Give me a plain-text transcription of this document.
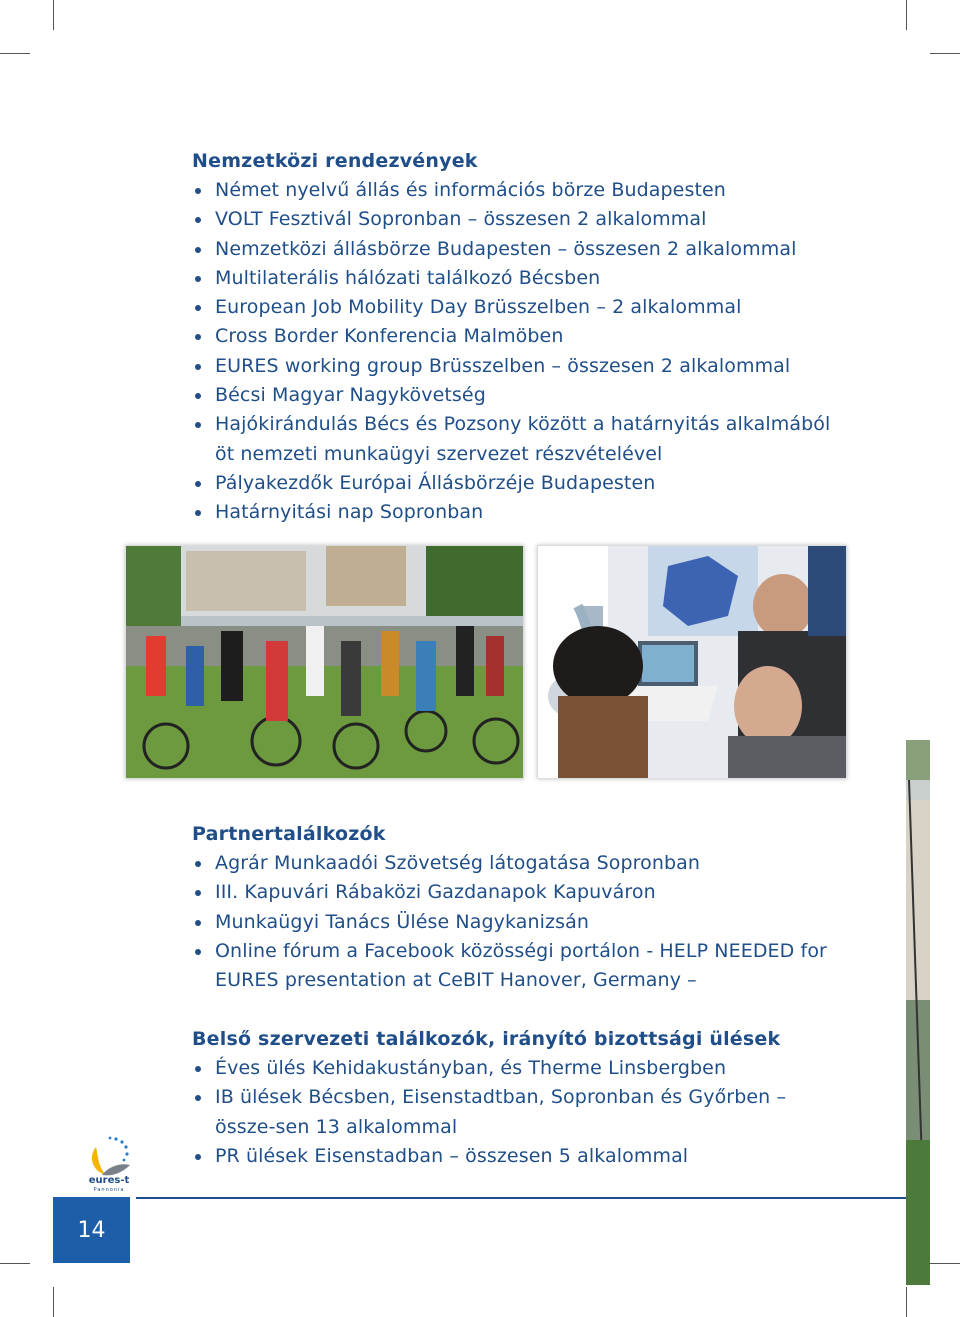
Nemzetközi rendezvények
Német nyelvű állás és információs börze Budapesten
VOLT Fesztivál Sopronban – összesen 2 alkalommal
Nemzetközi állásbörze Budapesten – összesen 2 alkalommal
Multilaterális hálózati találkozó Bécsben
European Job Mobility Day Brüsszelben – 2 alkalommal
Cross Border Konferencia Malmöben
EURES working group Brüsszelben – összesen 2 alkalommal
Bécsi Magyar Nagykövetség
Hajókirándulás Bécs és Pozsony között a határnyitás alkalmából öt nemzeti munkaügyi szervezet részvételével
Pályakezdők Európai Állásbörzéje Budapesten
Határnyitási nap Sopronban
Partnertalálkozók
Agrár Munkaadói Szövetség látogatása Sopronban
III. Kapuvári Rábaközi Gazdanapok Kapuváron
Munkaügyi Tanács Ülése Nagykanizsán
Online fórum a Facebook közösségi portálon - HELP NEEDED for EURES presentation at CeBIT Hanover, Germany –
Belső szervezeti találkozók, irányító bizottsági ülések
Éves ülés Kehidakustányban, és Therme Linsbergben
IB ülések Bécsben, Eisenstadtban, Sopronban és Győrben – össze-sen 13 alkalommal
PR ülések Eisenstadban – összesen 5 alkalommal
eures-t
Pannonia
14
